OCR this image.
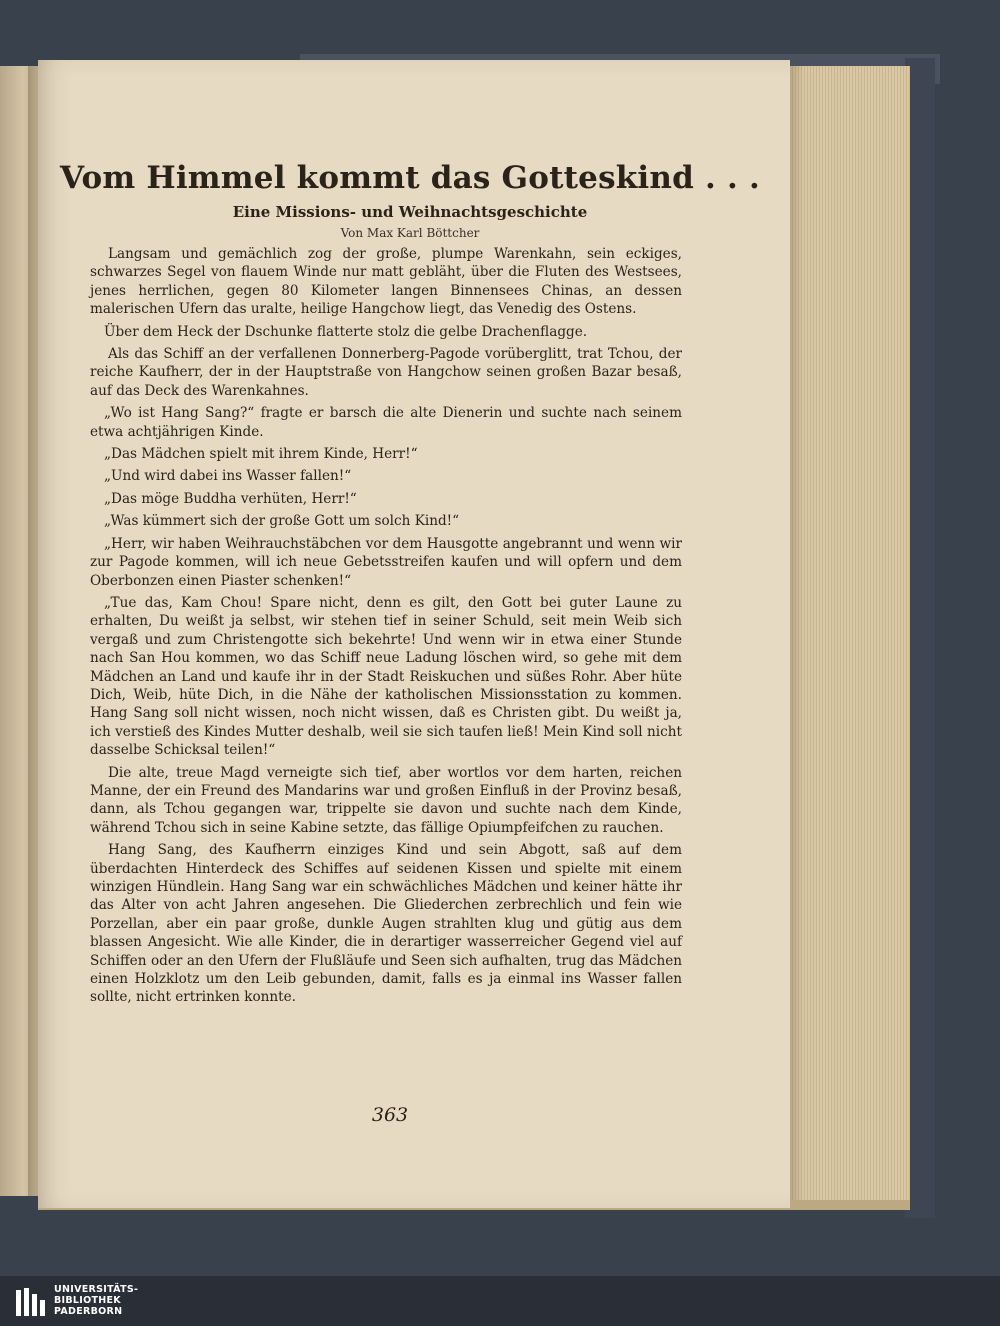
Vom Himmel kommt das Gotteskind . . .
Eine Missions- und Weihnachtsgeschichte

Von Max Karl Böttcher

Langsam und gemächlich zog der große, plumpe Warenkahn, sein eckiges, schwarzes Segel von flauem Winde nur matt gebläht, über die Fluten des Westsees, jenes herrlichen, gegen 80 Kilometer langen Binnensees Chinas, an dessen malerischen Ufern das uralte, heilige Hangchow liegt, das Venedig des Ostens.

Über dem Heck der Dschunke flatterte stolz die gelbe Drachenflagge.

Als das Schiff an der verfallenen Donnerberg-Pagode vorüberglitt, trat Tchou, der reiche Kaufherr, der in der Hauptstraße von Hangchow seinen großen Bazar besaß, auf das Deck des Warenkahnes.

„Wo ist Hang Sang?“ fragte er barsch die alte Dienerin und suchte nach seinem etwa achtjährigen Kinde.

„Das Mädchen spielt mit ihrem Kinde, Herr!“

„Und wird dabei ins Wasser fallen!“

„Das möge Buddha verhüten, Herr!“

„Was kümmert sich der große Gott um solch Kind!“

„Herr, wir haben Weihrauchstäbchen vor dem Hausgotte angebrannt und wenn wir zur Pagode kommen, will ich neue Gebetsstreifen kaufen und will opfern und dem Oberbonzen einen Piaster schenken!“

„Tue das, Kam Chou! Spare nicht, denn es gilt, den Gott bei guter Laune zu erhalten, Du weißt ja selbst, wir stehen tief in seiner Schuld, seit mein Weib sich vergaß und zum Christengotte sich bekehrte! Und wenn wir in etwa einer Stunde nach San Hou kommen, wo das Schiff neue Ladung löschen wird, so gehe mit dem Mädchen an Land und kaufe ihr in der Stadt Reiskuchen und süßes Rohr. Aber hüte Dich, Weib, hüte Dich, in die Nähe der katholischen Missionsstation zu kommen. Hang Sang soll nicht wissen, noch nicht wissen, daß es Christen gibt. Du weißt ja, ich verstieß des Kindes Mutter deshalb, weil sie sich taufen ließ! Mein Kind soll nicht dasselbe Schicksal teilen!“

Die alte, treue Magd verneigte sich tief, aber wortlos vor dem harten, reichen Manne, der ein Freund des Mandarins war und großen Einfluß in der Provinz besaß, dann, als Tchou gegangen war, trippelte sie davon und suchte nach dem Kinde, während Tchou sich in seine Kabine setzte, das fällige Opiumpfeifchen zu rauchen.

Hang Sang, des Kaufherrn einziges Kind und sein Abgott, saß auf dem überdachten Hinterdeck des Schiffes auf seidenen Kissen und spielte mit einem winzigen Hündlein. Hang Sang war ein schwächliches Mädchen und keiner hätte ihr das Alter von acht Jahren angesehen. Die Gliederchen zerbrechlich und fein wie Porzellan, aber ein paar große, dunkle Augen strahlten klug und gütig aus dem blassen Angesicht. Wie alle Kinder, die in derartiger wasserreicher Gegend viel auf Schiffen oder an den Ufern der Flußläufe und Seen sich aufhalten, trug das Mädchen einen Holzklotz um den Leib gebunden, damit, falls es ja einmal ins Wasser fallen sollte, nicht ertrinken konnte.

363

UNIVERSITÄTS-
BIBLIOTHEK
PADERBORN
